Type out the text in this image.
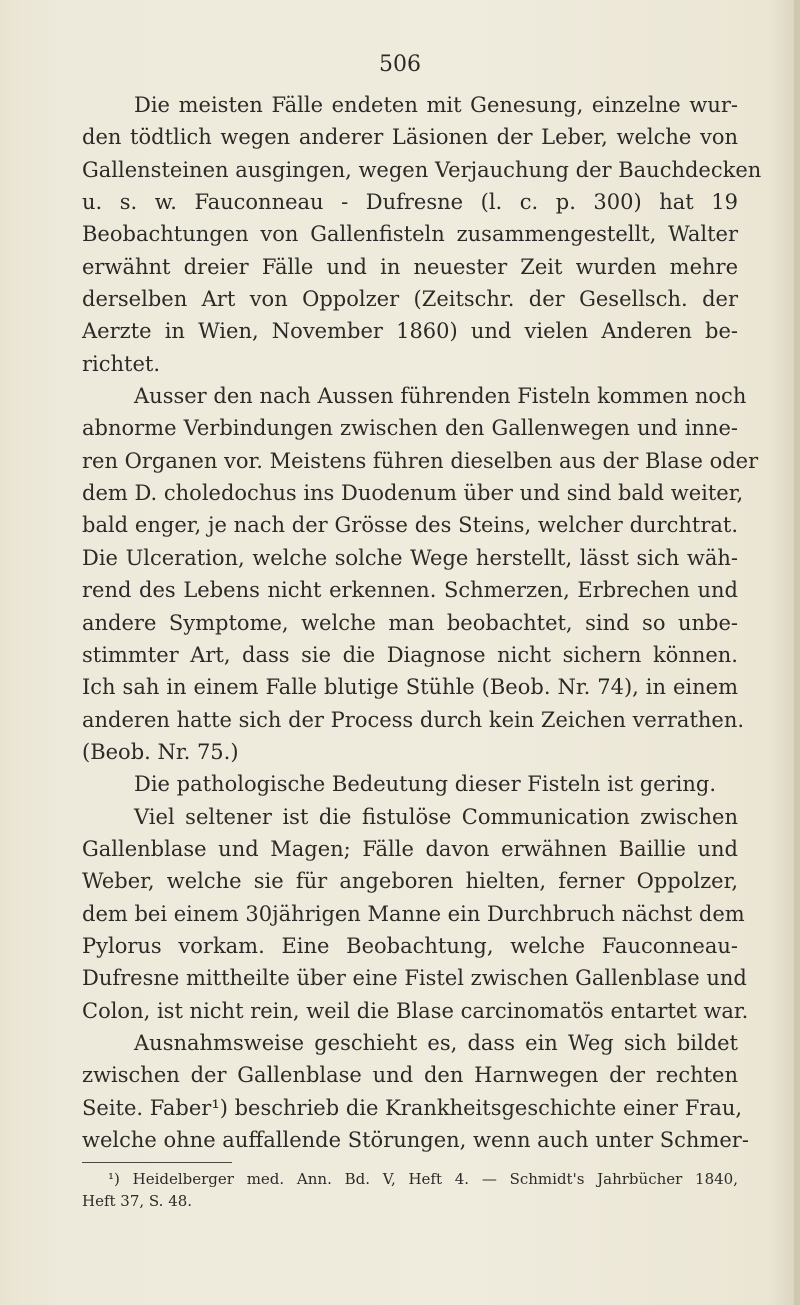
506
Die meisten Fälle endeten mit Genesung, einzelne wur-
den tödtlich wegen anderer Läsionen der Leber, welche von
Gallensteinen ausgingen, wegen Verjauchung der Bauchdecken
u. s. w. Fauconneau - Dufresne (l. c. p. 300) hat 19
Beobachtungen von Gallenfisteln zusammengestellt, Walter
erwähnt dreier Fälle und in neuester Zeit wurden mehre
derselben Art von Oppolzer (Zeitschr. der Gesellsch. der
Aerzte in Wien, November 1860) und vielen Anderen be-
richtet.
Ausser den nach Aussen führenden Fisteln kommen noch
abnorme Verbindungen zwischen den Gallenwegen und inne-
ren Organen vor. Meistens führen dieselben aus der Blase oder
dem D. choledochus ins Duodenum über und sind bald weiter,
bald enger, je nach der Grösse des Steins, welcher durchtrat.
Die Ulceration, welche solche Wege herstellt, lässt sich wäh-
rend des Lebens nicht erkennen. Schmerzen, Erbrechen und
andere Symptome, welche man beobachtet, sind so unbe-
stimmter Art, dass sie die Diagnose nicht sichern können.
Ich sah in einem Falle blutige Stühle (Beob. Nr. 74), in einem
anderen hatte sich der Process durch kein Zeichen verrathen.
(Beob. Nr. 75.)
Die pathologische Bedeutung dieser Fisteln ist gering.
Viel seltener ist die fistulöse Communication zwischen
Gallenblase und Magen; Fälle davon erwähnen Baillie und
Weber, welche sie für angeboren hielten, ferner Oppolzer,
dem bei einem 30jährigen Manne ein Durchbruch nächst dem
Pylorus vorkam. Eine Beobachtung, welche Fauconneau-
Dufresne mittheilte über eine Fistel zwischen Gallenblase und
Colon, ist nicht rein, weil die Blase carcinomatös entartet war.
Ausnahmsweise geschieht es, dass ein Weg sich bildet
zwischen der Gallenblase und den Harnwegen der rechten
Seite. Faber¹) beschrieb die Krankheitsgeschichte einer Frau,
welche ohne auffallende Störungen, wenn auch unter Schmer-
¹) Heidelberger med. Ann. Bd. V, Heft 4. — Schmidt's Jahrbücher 1840,
Heft 37, S. 48.
